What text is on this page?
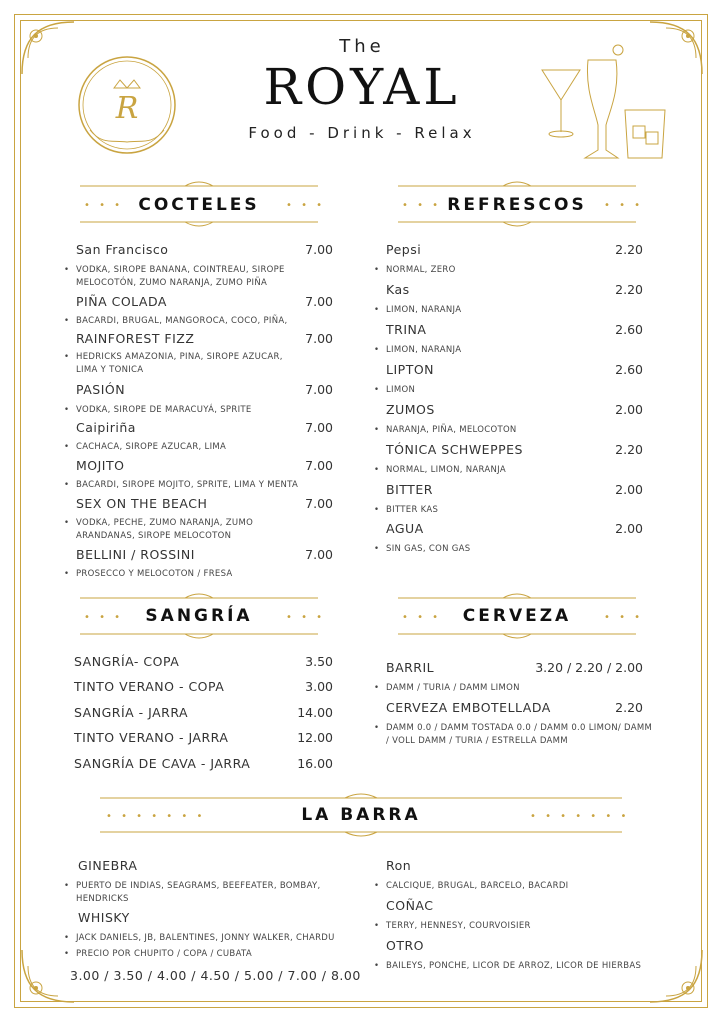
R
The
ROYAL
Food - Drink - Relax
• • •	• • •
COCTELES	• • •	• • •
REFRESCOS
San Francisco	7.00
• VODKA, SIROPE BANANA, COINTREAU, SIROPE MELOCOTÓN, ZUMO NARANJA, ZUMO PIÑA
PIÑA COLADA	7.00
• BACARDI, BRUGAL, MANGOROCA, COCO, PIÑA,
RAINFOREST FIZZ	7.00
• HEDRICKS AMAZONIA, PINA, SIROPE AZUCAR, LIMA Y TONICA
PASIÓN	7.00
• VODKA, SIROPE DE MARACUYÁ, SPRITE
Caipiriña	7.00
• CACHACA, SIROPE AZUCAR, LIMA
MOJITO	7.00
• BACARDI, SIROPE MOJITO, SPRITE, LIMA Y MENTA
SEX ON THE BEACH	7.00
• VODKA, PECHE, ZUMO NARANJA, ZUMO ARANDANAS, SIROPE MELOCOTON
BELLINI / ROSSINI	7.00
• PROSECCO Y MELOCOTON / FRESA
Pepsi	2.20
• NORMAL, ZERO
Kas	2.20
• LIMON, NARANJA
TRINA	2.60
• LIMON, NARANJA
LIPTON	2.60
• LIMON
ZUMOS	2.00
• NARANJA, PIÑA, MELOCOTON
TÓNICA SCHWEPPES	2.20
• NORMAL, LIMON, NARANJA
BITTER	2.00
• BITTER KAS
AGUA	2.00
• SIN GAS, CON GAS
• • •	• • •
SANGRÍA	• • •	• • •
CERVEZA
SANGRÍA- COPA	3.50
TINTO VERANO - COPA	3.00
SANGRÍA - JARRA	14.00
TINTO VERANO - JARRA	12.00
SANGRÍA DE CAVA - JARRA	16.00
BARRIL	3.20 / 2.20 / 2.00
• DAMM / TURIA / DAMM LIMON
CERVEZA EMBOTELLADA	2.20
• DAMM 0.0 / DAMM TOSTADA 0.0 / DAMM 0.0 LIMON/ DAMM / VOLL DAMM / TURIA / ESTRELLA DAMM
• • • • • • •	• • • • • • •
LA BARRA
GINEBRA
• PUERTO DE INDIAS, SEAGRAMS, BEEFEATER, BOMBAY, HENDRICKS
WHISKY
• JACK DANIELS, JB, BALENTINES, JONNY WALKER, CHARDU
• PRECIO POR CHUPITO / COPA / CUBATA
3.00 / 3.50 / 4.00 / 4.50 / 5.00 / 7.00 / 8.00
Ron
• CALCIQUE, BRUGAL, BARCELO, BACARDI
COÑAC
• TERRY, HENNESY, COURVOISIER
OTRO
• BAILEYS, PONCHE, LICOR DE ARROZ, LICOR DE HIERBAS
